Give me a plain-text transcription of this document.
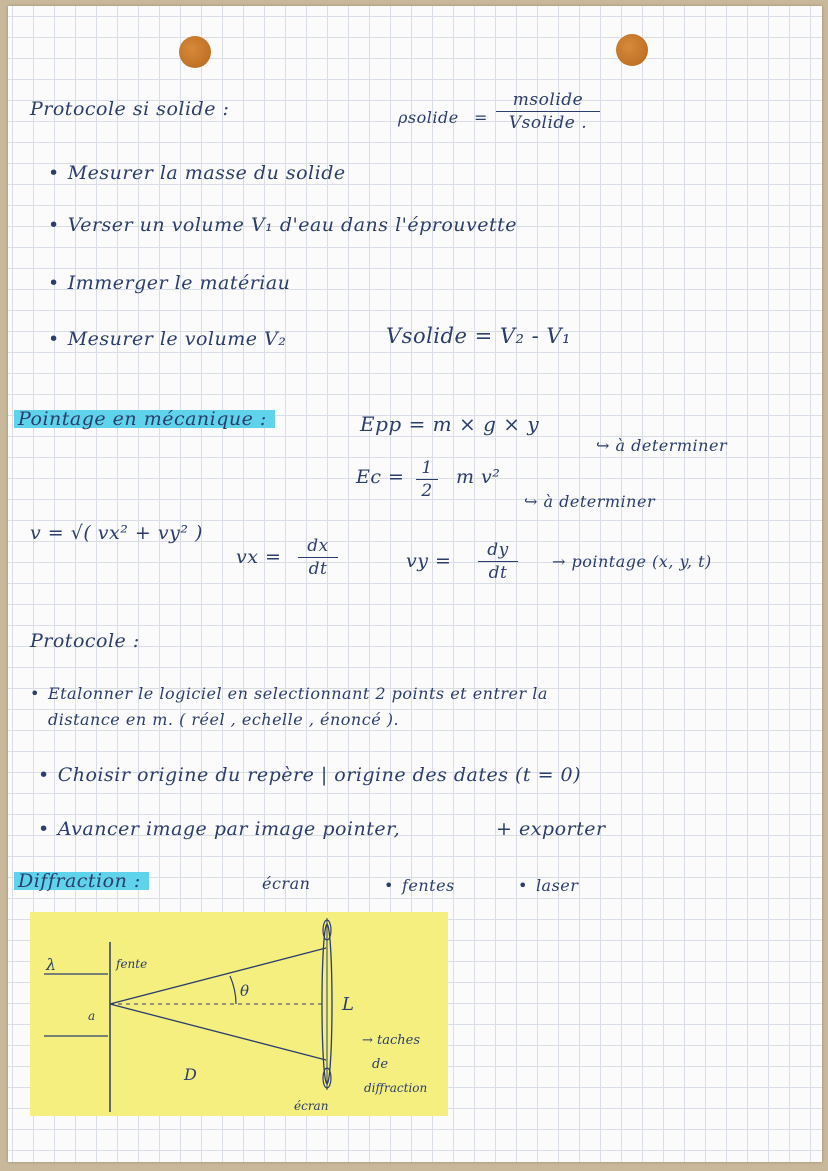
Protocole si solide :	ρsolide =
msolide
Vsolide .
• Mesurer la masse du solide
• Verser un volume V₁ d'eau dans l'éprouvette
• Immerger le matériau
• Mesurer le volume V₂	Vsolide = V₂ - V₁
Pointage en mécanique :	Epp = m × g × y
↪ à determiner
Ec = 1
2
m v²
↪ à determiner
v = √( vx² + vy² )
vx =	dx
dt	vy =	dy
dt
→ pointage (x, y, t)
Protocole :
• Etalonner le logiciel en selectionnant 2 points et entrer la
distance en m. ( réel , echelle , énoncé ).
• Choisir origine du repère | origine des dates (t = 0)
• Avancer image par image pointer,	+ exporter
Diffraction :	écran	• fentes	• laser
λ	fente
θ
a
L
D
écran
→ taches
de
diffraction
